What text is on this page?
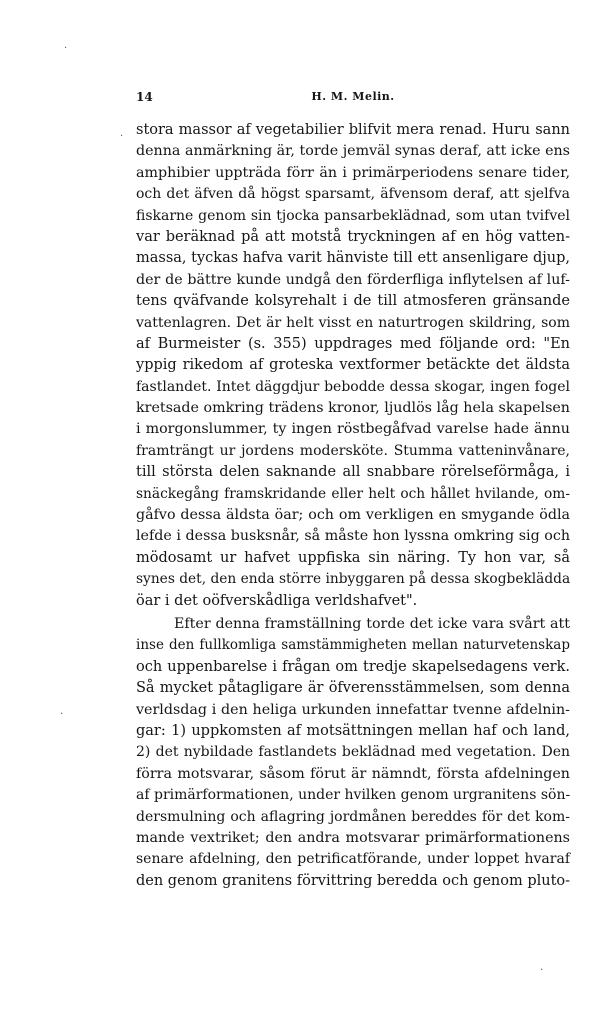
14	H. M. Melin.
stora massor af vegetabilier blifvit mera renad. Huru sann
denna anmärkning är, torde jemväl synas deraf, att icke ens
amphibier uppträda förr än i primärperiodens senare tider,
och det äfven då högst sparsamt, äfvensom deraf, att sjelfva
fiskarne genom sin tjocka pansarbeklädnad, som utan tvifvel
var beräknad på att motstå tryckningen af en hög vatten-
massa, tyckas hafva varit hänviste till ett ansenligare djup,
der de bättre kunde undgå den förderfliga inflytelsen af luf-
tens qväfvande kolsyrehalt i de till atmosferen gränsande
vattenlagren. Det är helt visst en naturtrogen skildring, som
af Burmeister (s. 355) uppdrages med följande ord: "En
yppig rikedom af groteska vextformer betäckte det äldsta
fastlandet. Intet däggdjur bebodde dessa skogar, ingen fogel
kretsade omkring trädens kronor, ljudlös låg hela skapelsen
i morgonslummer, ty ingen röstbegåfvad varelse hade ännu
framträngt ur jordens modersköte. Stumma vatteninvånare,
till största delen saknande all snabbare rörelseförmåga, i
snäckegång framskridande eller helt och hållet hvilande, om-
gåfvo dessa äldsta öar; och om verkligen en smygande ödla
lefde i dessa busksnår, så måste hon lyssna omkring sig och
mödosamt ur hafvet uppfiska sin näring. Ty hon var, så
synes det, den enda större inbyggaren på dessa skogbeklädda
öar i det oöfverskådliga verldshafvet".
Efter denna framställning torde det icke vara svårt att
inse den fullkomliga samstämmigheten mellan naturvetenskap
och uppenbarelse i frågan om tredje skapelsedagens verk.
Så mycket påtagligare är öfverensstämmelsen, som denna
verldsdag i den heliga urkunden innefattar tvenne afdelnin-
gar: 1) uppkomsten af motsättningen mellan haf och land,
2) det nybildade fastlandets beklädnad med vegetation. Den
förra motsvarar, såsom förut är nämndt, första afdelningen
af primärformationen, under hvilken genom urgranitens sön-
dersmulning och aflagring jordmånen bereddes för det kom-
mande vextriket; den andra motsvarar primärformationens
senare afdelning, den petrificatförande, under loppet hvaraf
den genom granitens förvittring beredda och genom pluto-
.
.
.
.
